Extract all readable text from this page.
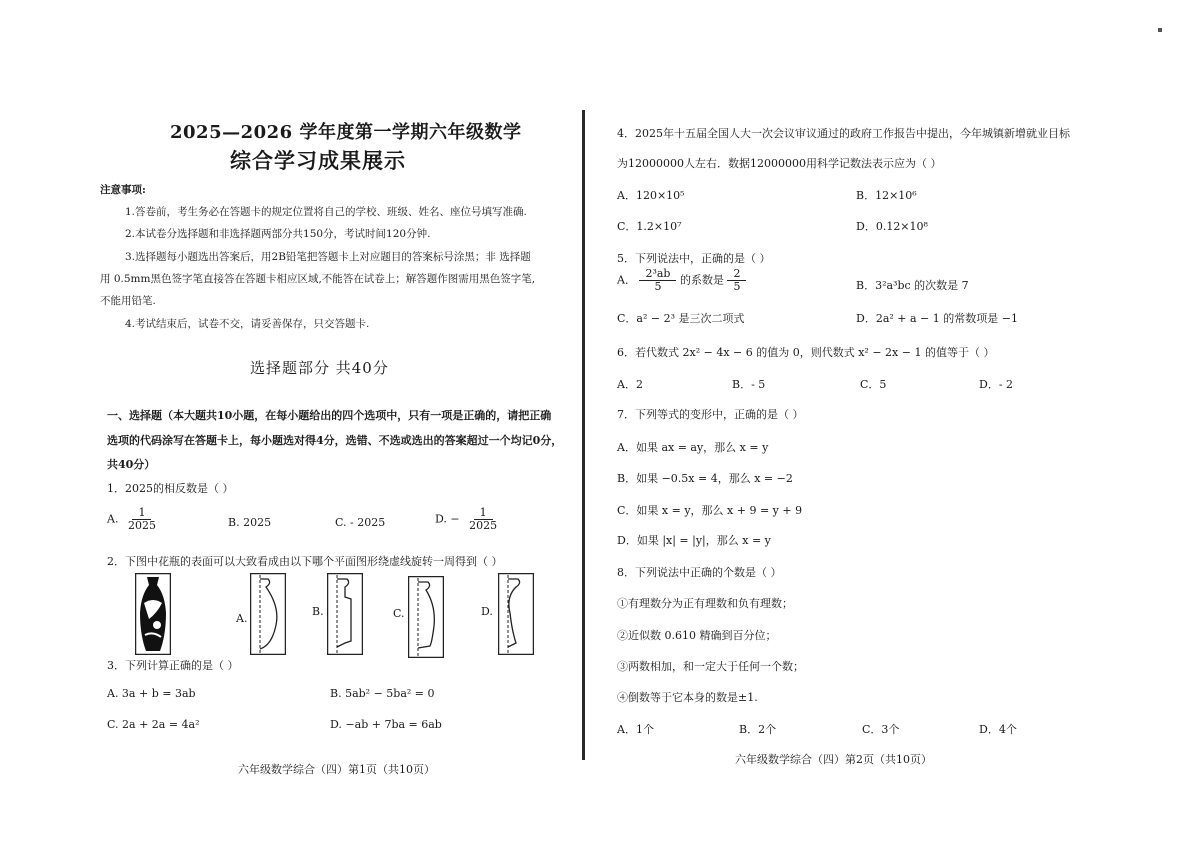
2025—2026 学年度第一学期六年级数学
综合学习成果展示
注意事项:
1.答卷前，考生务必在答题卡的规定位置将自己的学校、班级、姓名、座位号填写准确.
2.本试卷分选择题和非选择题两部分共150分，考试时间120分钟.
3.选择题每小题选出答案后，用2B铅笔把答题卡上对应题目的答案标号涂黑；非 选择题
用 0.5mm黑色签字笔直接答在答题卡相应区域,不能答在试卷上；解答题作图需用黑色签字笔,
不能用铅笔.
4.考试结束后，试卷不交，请妥善保存，只交答题卡.
选择题部分 共40分
一、选择题（本大题共10小题，在每小题给出的四个选项中，只有一项是正确的，请把正确
选项的代码涂写在答题卡上，每小题选对得4分，选错、不选或选出的答案超过一个均记0分，
共40分）
1．2025的相反数是（ ）
A. $\frac{1}{2025}$	B. 2025	C. - 2025	D. − $\frac{1}{2025}$
2．下图中花瓶的表面可以大致看成由以下哪个平面图形绕虚线旋转一周得到（ ）
A.
B.	C.	D.
3．下列计算正确的是（ ）
A. 3a + b = 3ab	B. 5ab² − 5ba² = 0
C. 2a + 2a = 4a²	D. −ab + 7ba = 6ab
六年级数学综合（四）第1页（共10页）
4．2025年十五届全国人大一次会议审议通过的政府工作报告中提出，今年城镇新增就业目标
为12000000人左右．数据12000000用科学记数法表示应为（ ）
A．120×10⁵	B．12×10⁶
C．1.2×10⁷	D．0.12×10⁸
5．下列说法中，正确的是（ ）
A． $\frac{\text{2³ab}}{5}$ 的系数是 $\frac{2}{5}$	B．3²a³bc 的次数是 7
C．a² − 2³ 是三次二项式	D．2a² + a − 1 的常数项是 −1
6．若代数式 2x² − 4x − 6 的值为 0，则代数式 x² − 2x − 1 的值等于（ ）
A．2	B．- 5	C．5	D．- 2
7．下列等式的变形中，正确的是（ ）
A．如果 ax = ay，那么 x = y
B．如果 −0.5x = 4，那么 x = −2
C．如果 x = y，那么 x + 9 = y + 9
D．如果 |x| = |y|，那么 x = y
8．下列说法中正确的个数是（ ）
①有理数分为正有理数和负有理数；
②近似数 0.610 精确到百分位；
③两数相加，和一定大于任何一个数；
④倒数等于它本身的数是±1.
A．1个	B．2个	C．3个	D．4个
六年级数学综合（四）第2页（共10页）
